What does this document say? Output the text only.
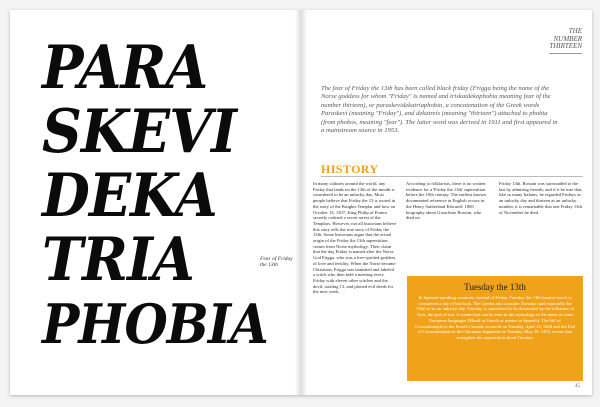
PARA
SKEVI
DEKA
TRIA
PHOBIA
Fear of Friday the 13th
THE
NUMBER
THIRTEEN
The fear of Friday the 13th has been called black friday (Frigga being the name of the Norse goddess for whom "Friday" is named and triskaidekaphobia meaning fear of the number thirteen), or paraskevidekatriaphobia, a concatenation of the Greek words Paraskeví (meaning "Friday"), and dekatreís (meaning "thirteen") attached to phobia (from phobos, meaning "fear"). The latter word was derived in 1911 and first appeared in a mainstream source in 1953.
HISTORY
In many cultures around the world, any Friday that lands on the 13th of the month is considered to be an unlucky day. Most people believe that Friday the 13 is rooted in the story of the Knights Templar and how on October 13, 1307, King Philip of France secretly ordered a secret arrest of the Templars. However, not all historians believe this story tells the true story of Friday the 13th. Some historians argue that the actual origin of the Friday the 13th superstition comes from Norse mythology. Their claim that the day Friday is named after the Norse God Frigga, who was a free-spirited goddess of love and fertility. When the Norse became Christians, Frigga was banished and labeled a witch who then held a meeting every Friday with eleven other witches and the devil, totaling 13, and plotted evil deeds for the next week.
According to folklorists, there is no written evidence for a 'Friday the 13th' superstition before the 19th century. The earliest known documented reference in English occurs in the Henry Sutherland Edwards' 1869 biography about Gioachino Rossini, who died on
Friday 13th. Rossini was surrounded to the last by admiring friends; and if it be true that, like so many Italians, he regarded Fridays as an unlucky day and thirteen as an unlucky number, it is remarkable that one Friday 13th of November he died.
Tuesday the 13th
In Spanish-speaking countries, instead of Friday, Tuesday the 13th (martes trece) is considered a day of bad luck. The Greeks also consider Tuesday (and especially the 13th) to be an unlucky day. Tuesday is considered to be dominated by the influence of Ares, the god of war. A connection can be seen in the etymology of the name in some European languages (Mardi in French or martes in Spanish). The fall of Constantinople to the Fourth Crusade occurred on Tuesday, April 13, 1204 and the Fall of Constantinople to the Ottomans happened on Tuesday, May 29, 1453, events that strengthen the superstition about Tuesday.
45
